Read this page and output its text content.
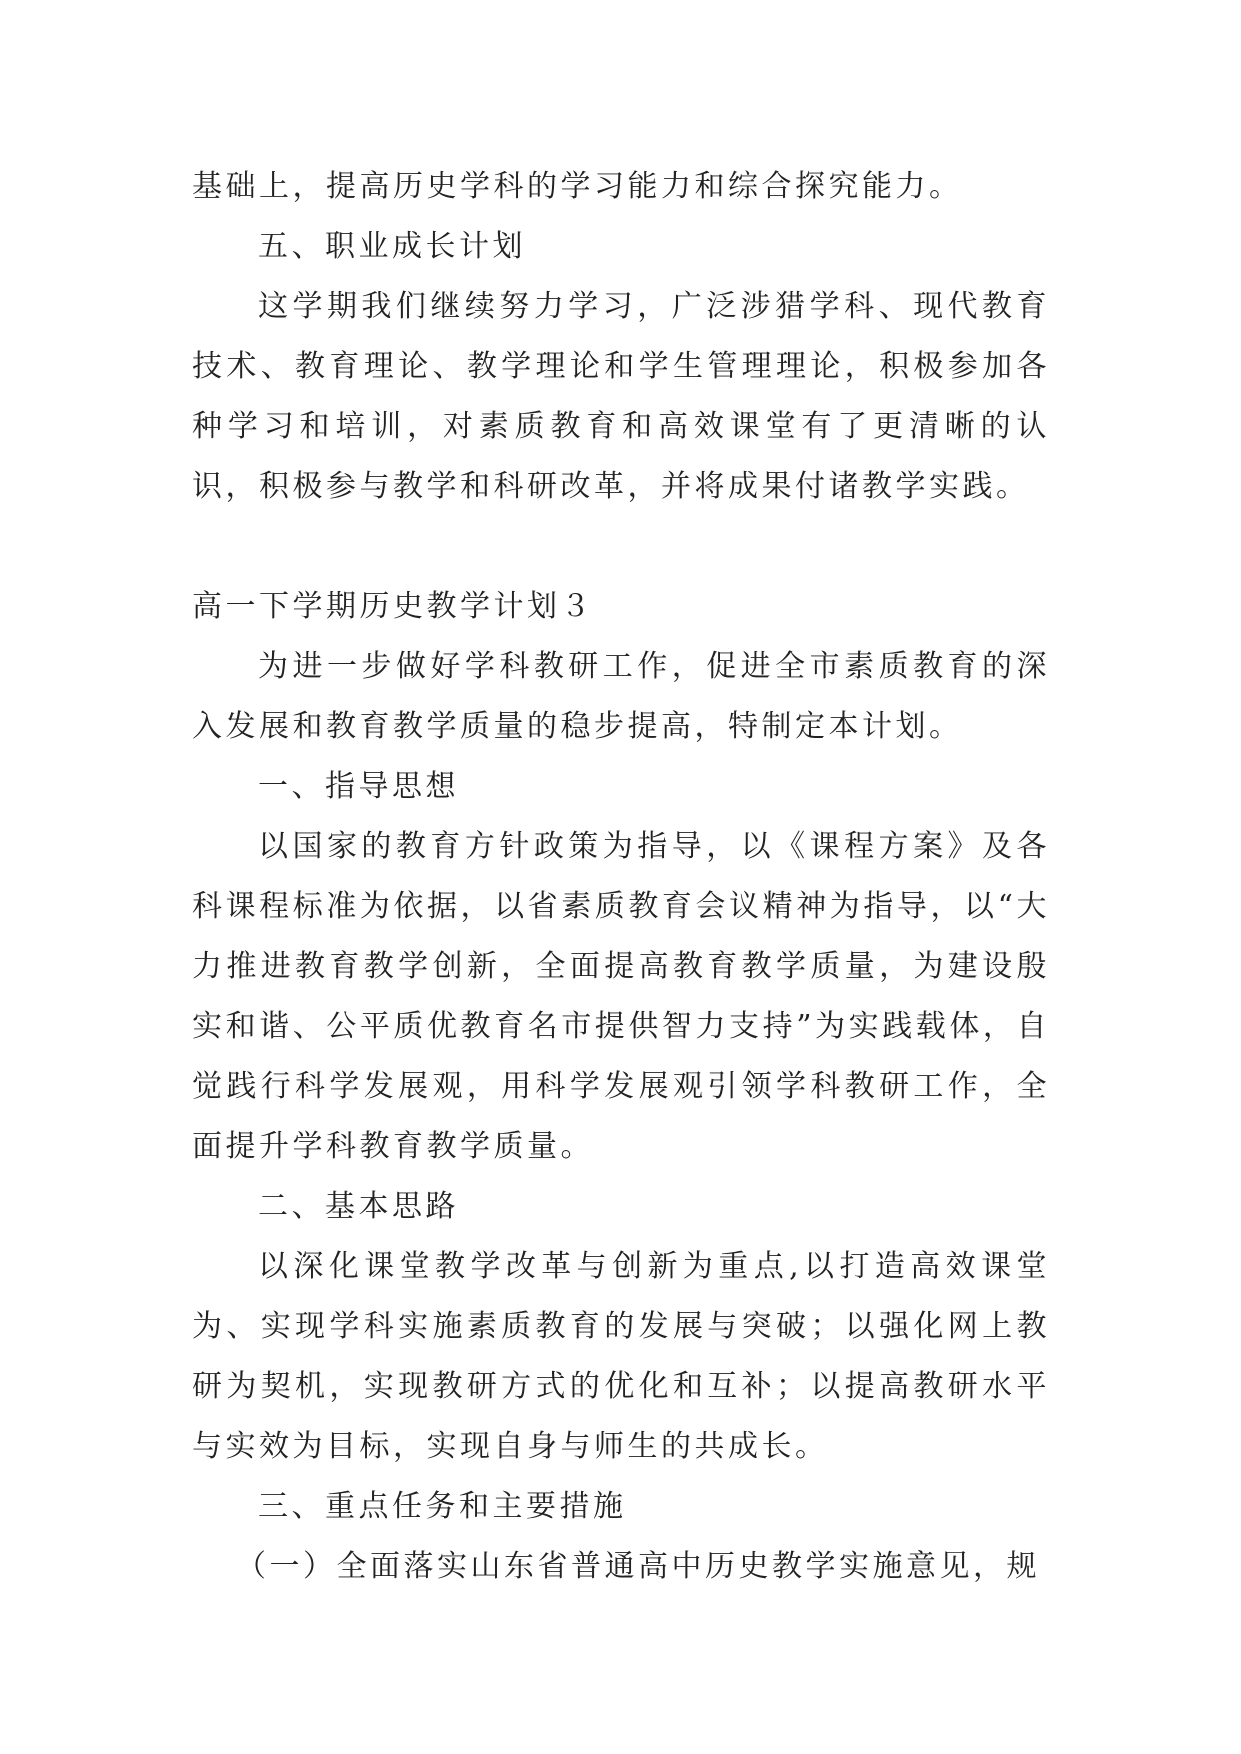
基础上，提高历史学科的学习能力和综合探究能力。

五、职业成长计划

这学期我们继续努力学习，广泛涉猎学科、现代教育技术、教育理论、教学理论和学生管理理论，积极参加各种学习和培训，对素质教育和高效课堂有了更清晰的认识，积极参与教学和科研改革，并将成果付诸教学实践。

高一下学期历史教学计划３

为进一步做好学科教研工作，促进全市素质教育的深入发展和教育教学质量的稳步提高，特制定本计划。

一、指导思想

以国家的教育方针政策为指导，以《课程方案》及各科课程标准为依据，以省素质教育会议精神为指导，以“大力推进教育教学创新，全面提高教育教学质量，为建设殷实和谐、公平质优教育名市提供智力支持”为实践载体，自觉践行科学发展观，用科学发展观引领学科教研工作，全面提升学科教育教学质量。

二、基本思路

以深化课堂教学改革与创新为重点,以打造高效课堂为、实现学科实施素质教育的发展与突破；以强化网上教研为契机，实现教研方式的优化和互补；以提高教研水平与实效为目标，实现自身与师生的共成长。

三、重点任务和主要措施

（一）全面落实山东省普通高中历史教学实施意见，规
